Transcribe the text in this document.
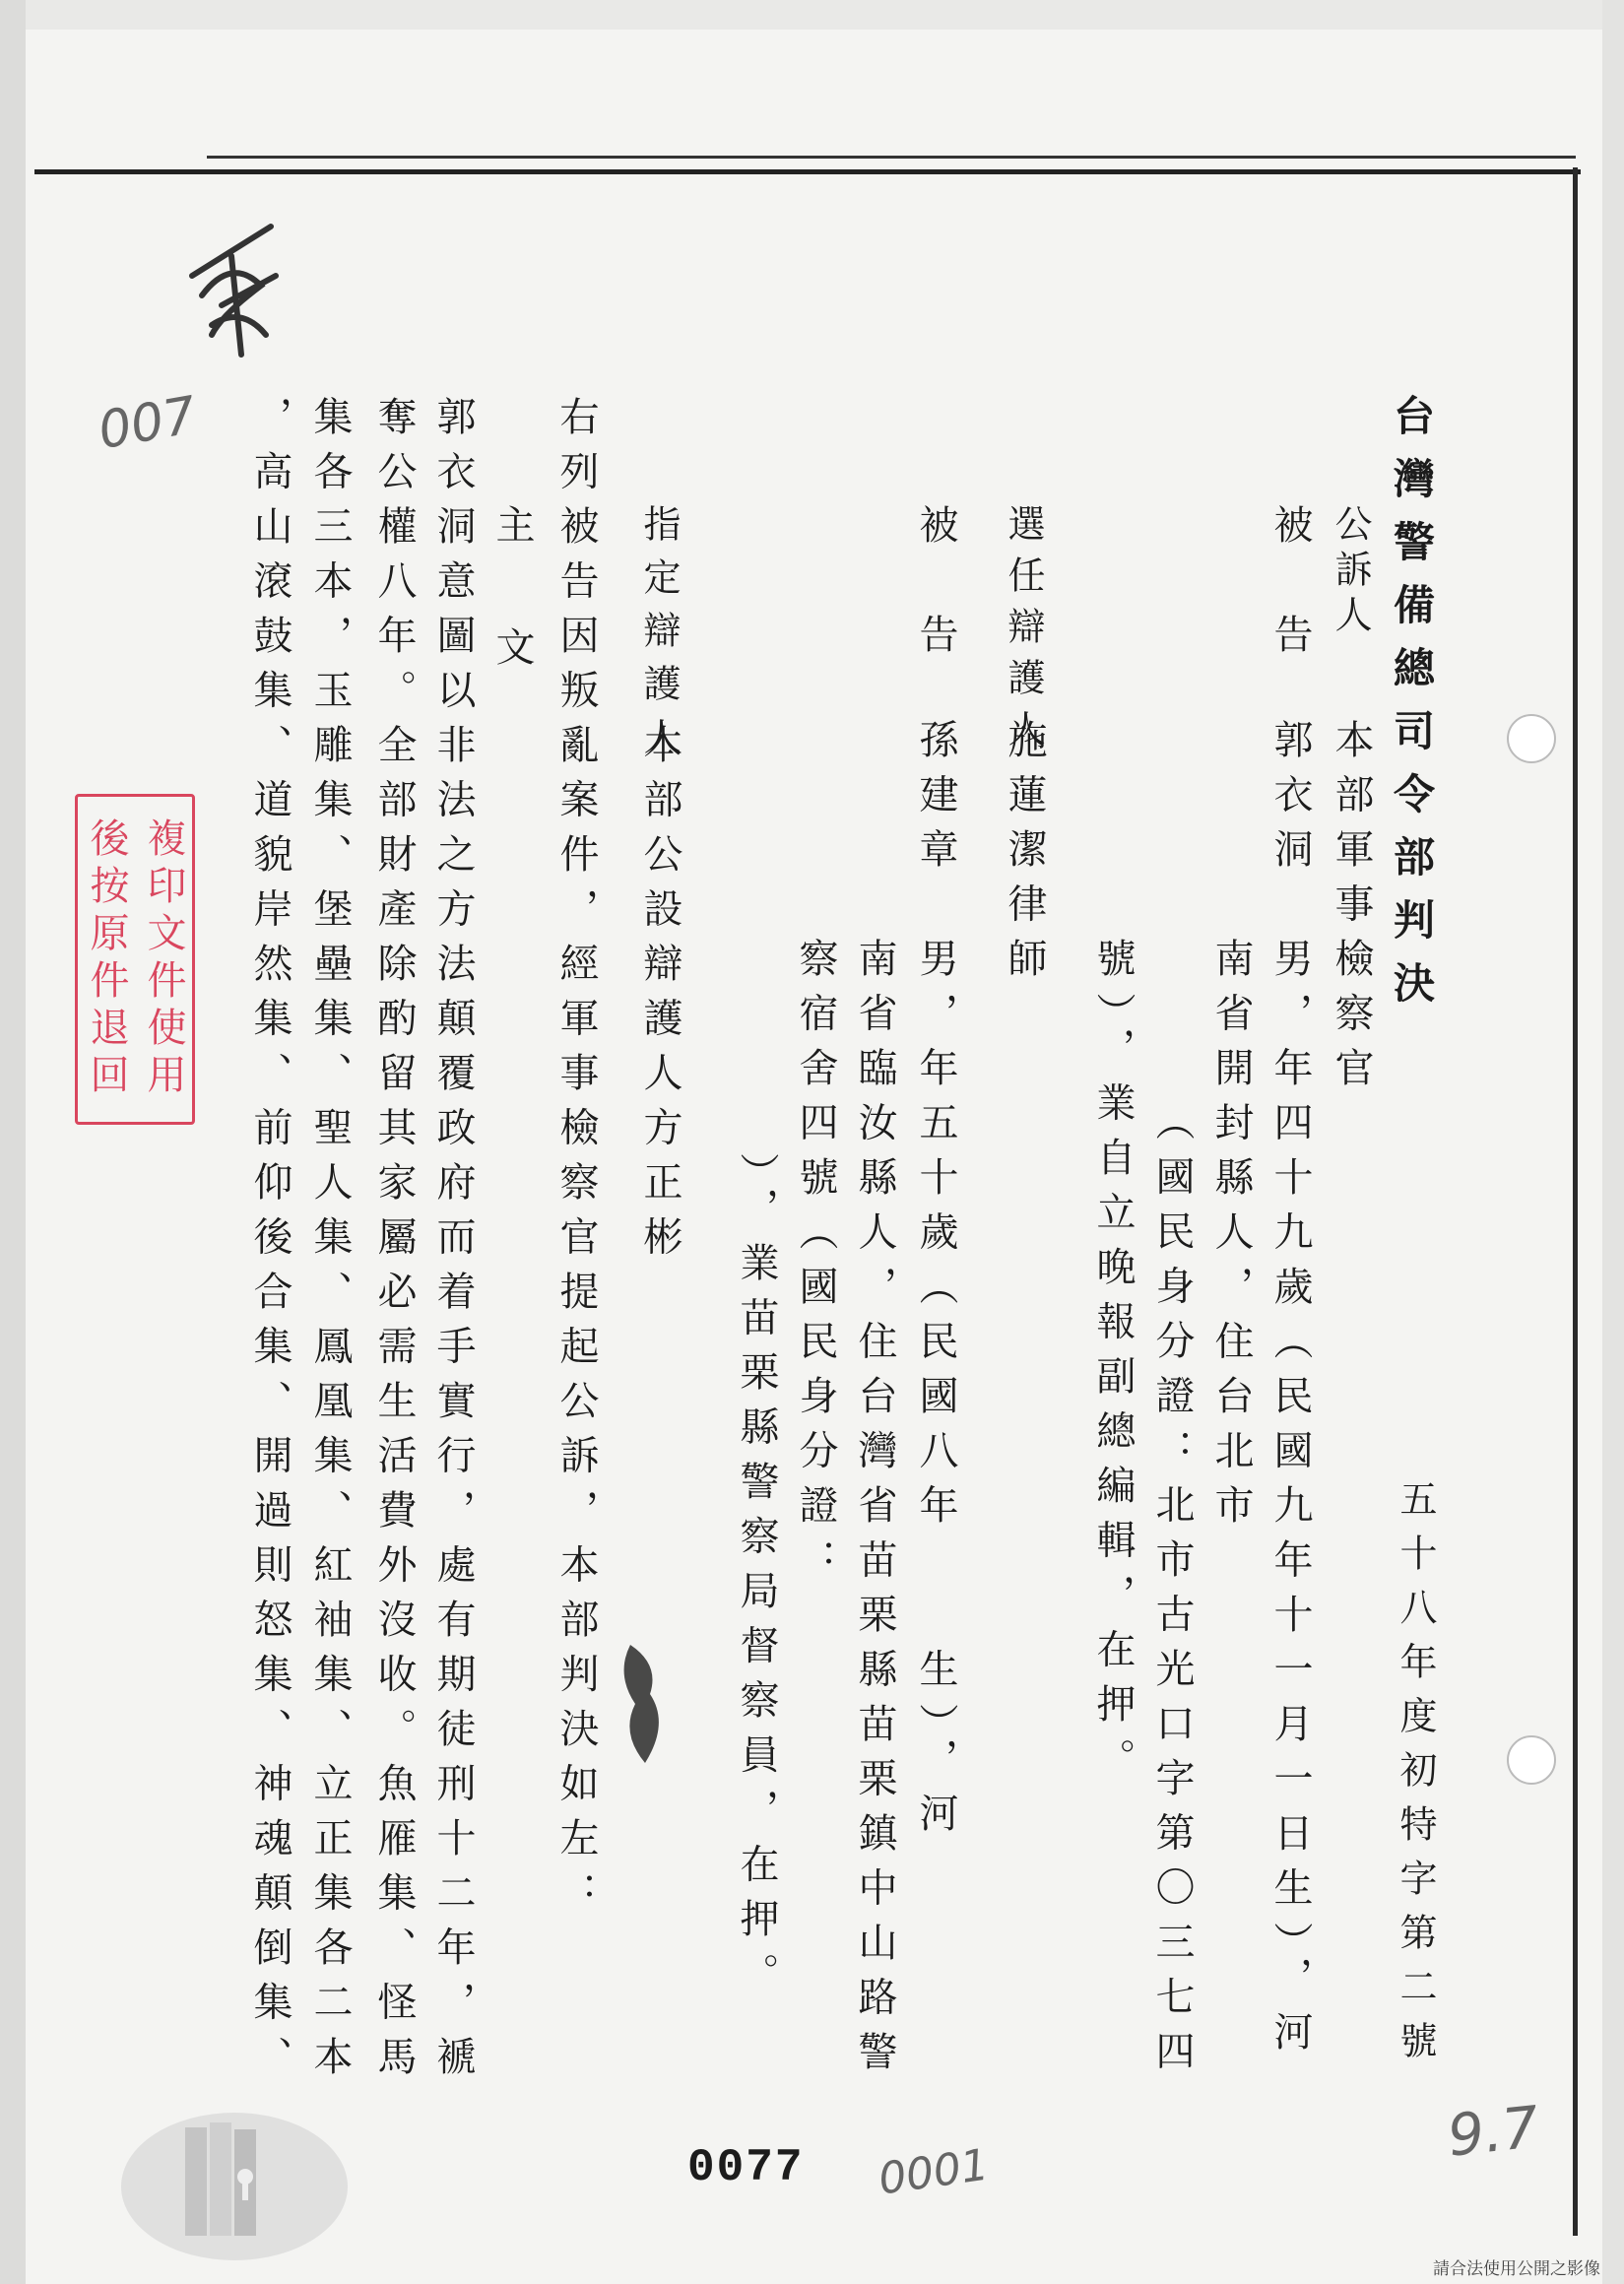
台灣警備總司令部判決
五十八年度初特字第二號
公訴人
本部軍事檢察官
被　告
郭衣洞　男，年四十九歲（民國九年十一月一日生），河
南省開封縣人，住台北市
（國民身分證：北市古光口字第〇三七四
號），業自立晚報副總編輯，在押。
選任辯護人
施蓮潔律師
被　告
孫建章　男，年五十歲（民國八年　　生），河
南省臨汝縣人，住台灣省苗栗縣苗栗鎮中山路警
察宿舍四號（國民身分證：
），業苗栗縣警察局督察員，在押。
指定辯護人
本部公設辯護人方正彬
右列被告因叛亂案件，經軍事檢察官提起公訴，本部判決如左：
主　文
郭衣洞意圖以非法之方法顛覆政府而着手實行，處有期徒刑十二年，褫
奪公權八年。全部財產除酌留其家屬必需生活費外沒收。魚雁集、怪馬
集各三本，玉雕集、堡壘集、聖人集、鳳凰集、紅袖集、立正集各二本
，高山滾鼓集、道貌岸然集、前仰後合集、開過則怒集、神魂顛倒集、
複印文件使用
後按原件退回
007
0001
9.7
0077
請合法使用公開之影像
